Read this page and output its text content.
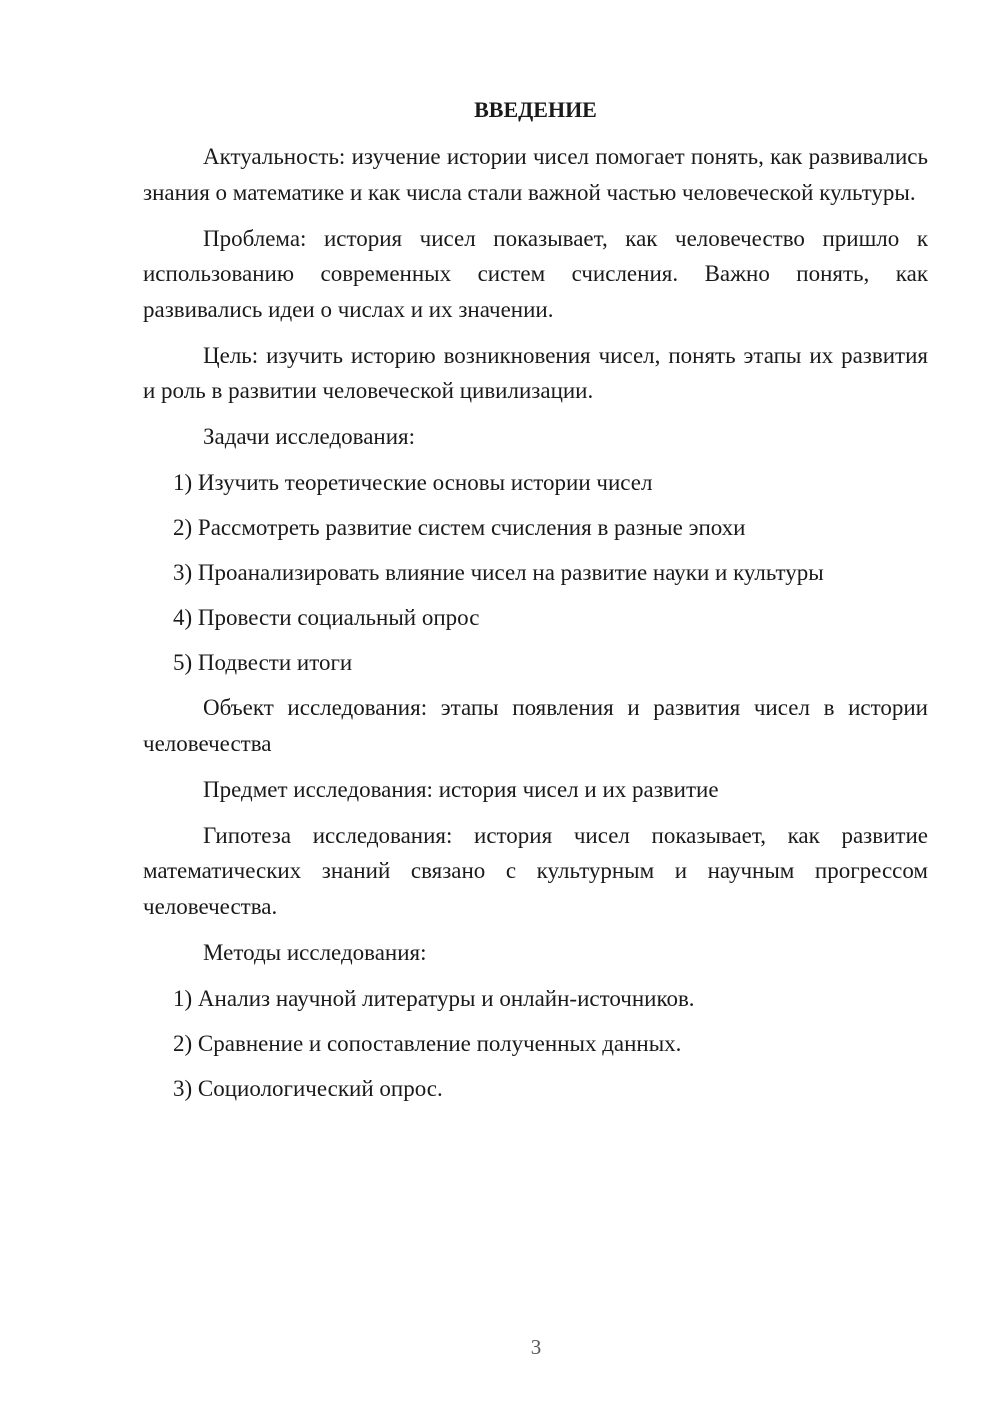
ВВЕДЕНИЕ

Актуальность: изучение истории чисел помогает понять, как развивались знания о математике и как числа стали важной частью человеческой культуры.

Проблема: история чисел показывает, как человечество пришло к использованию современных систем счисления. Важно понять, как развивались идеи о числах и их значении.

Цель: изучить историю возникновения чисел, понять этапы их развития и роль в развитии человеческой цивилизации.

Задачи исследования:

1) Изучить теоретические основы истории чисел
2) Рассмотреть развитие систем счисления в разные эпохи
3) Проанализировать влияние чисел на развитие науки и культуры
4) Провести социальный опрос
5) Подвести итоги

Объект исследования: этапы появления и развития чисел в истории человечества

Предмет исследования: история чисел и их развитие

Гипотеза исследования: история чисел показывает, как развитие математических знаний связано с культурным и научным прогрессом человечества.

Методы исследования:

1) Анализ научной литературы и онлайн-источников.
2) Сравнение и сопоставление полученных данных.
3) Социологический опрос.
3
